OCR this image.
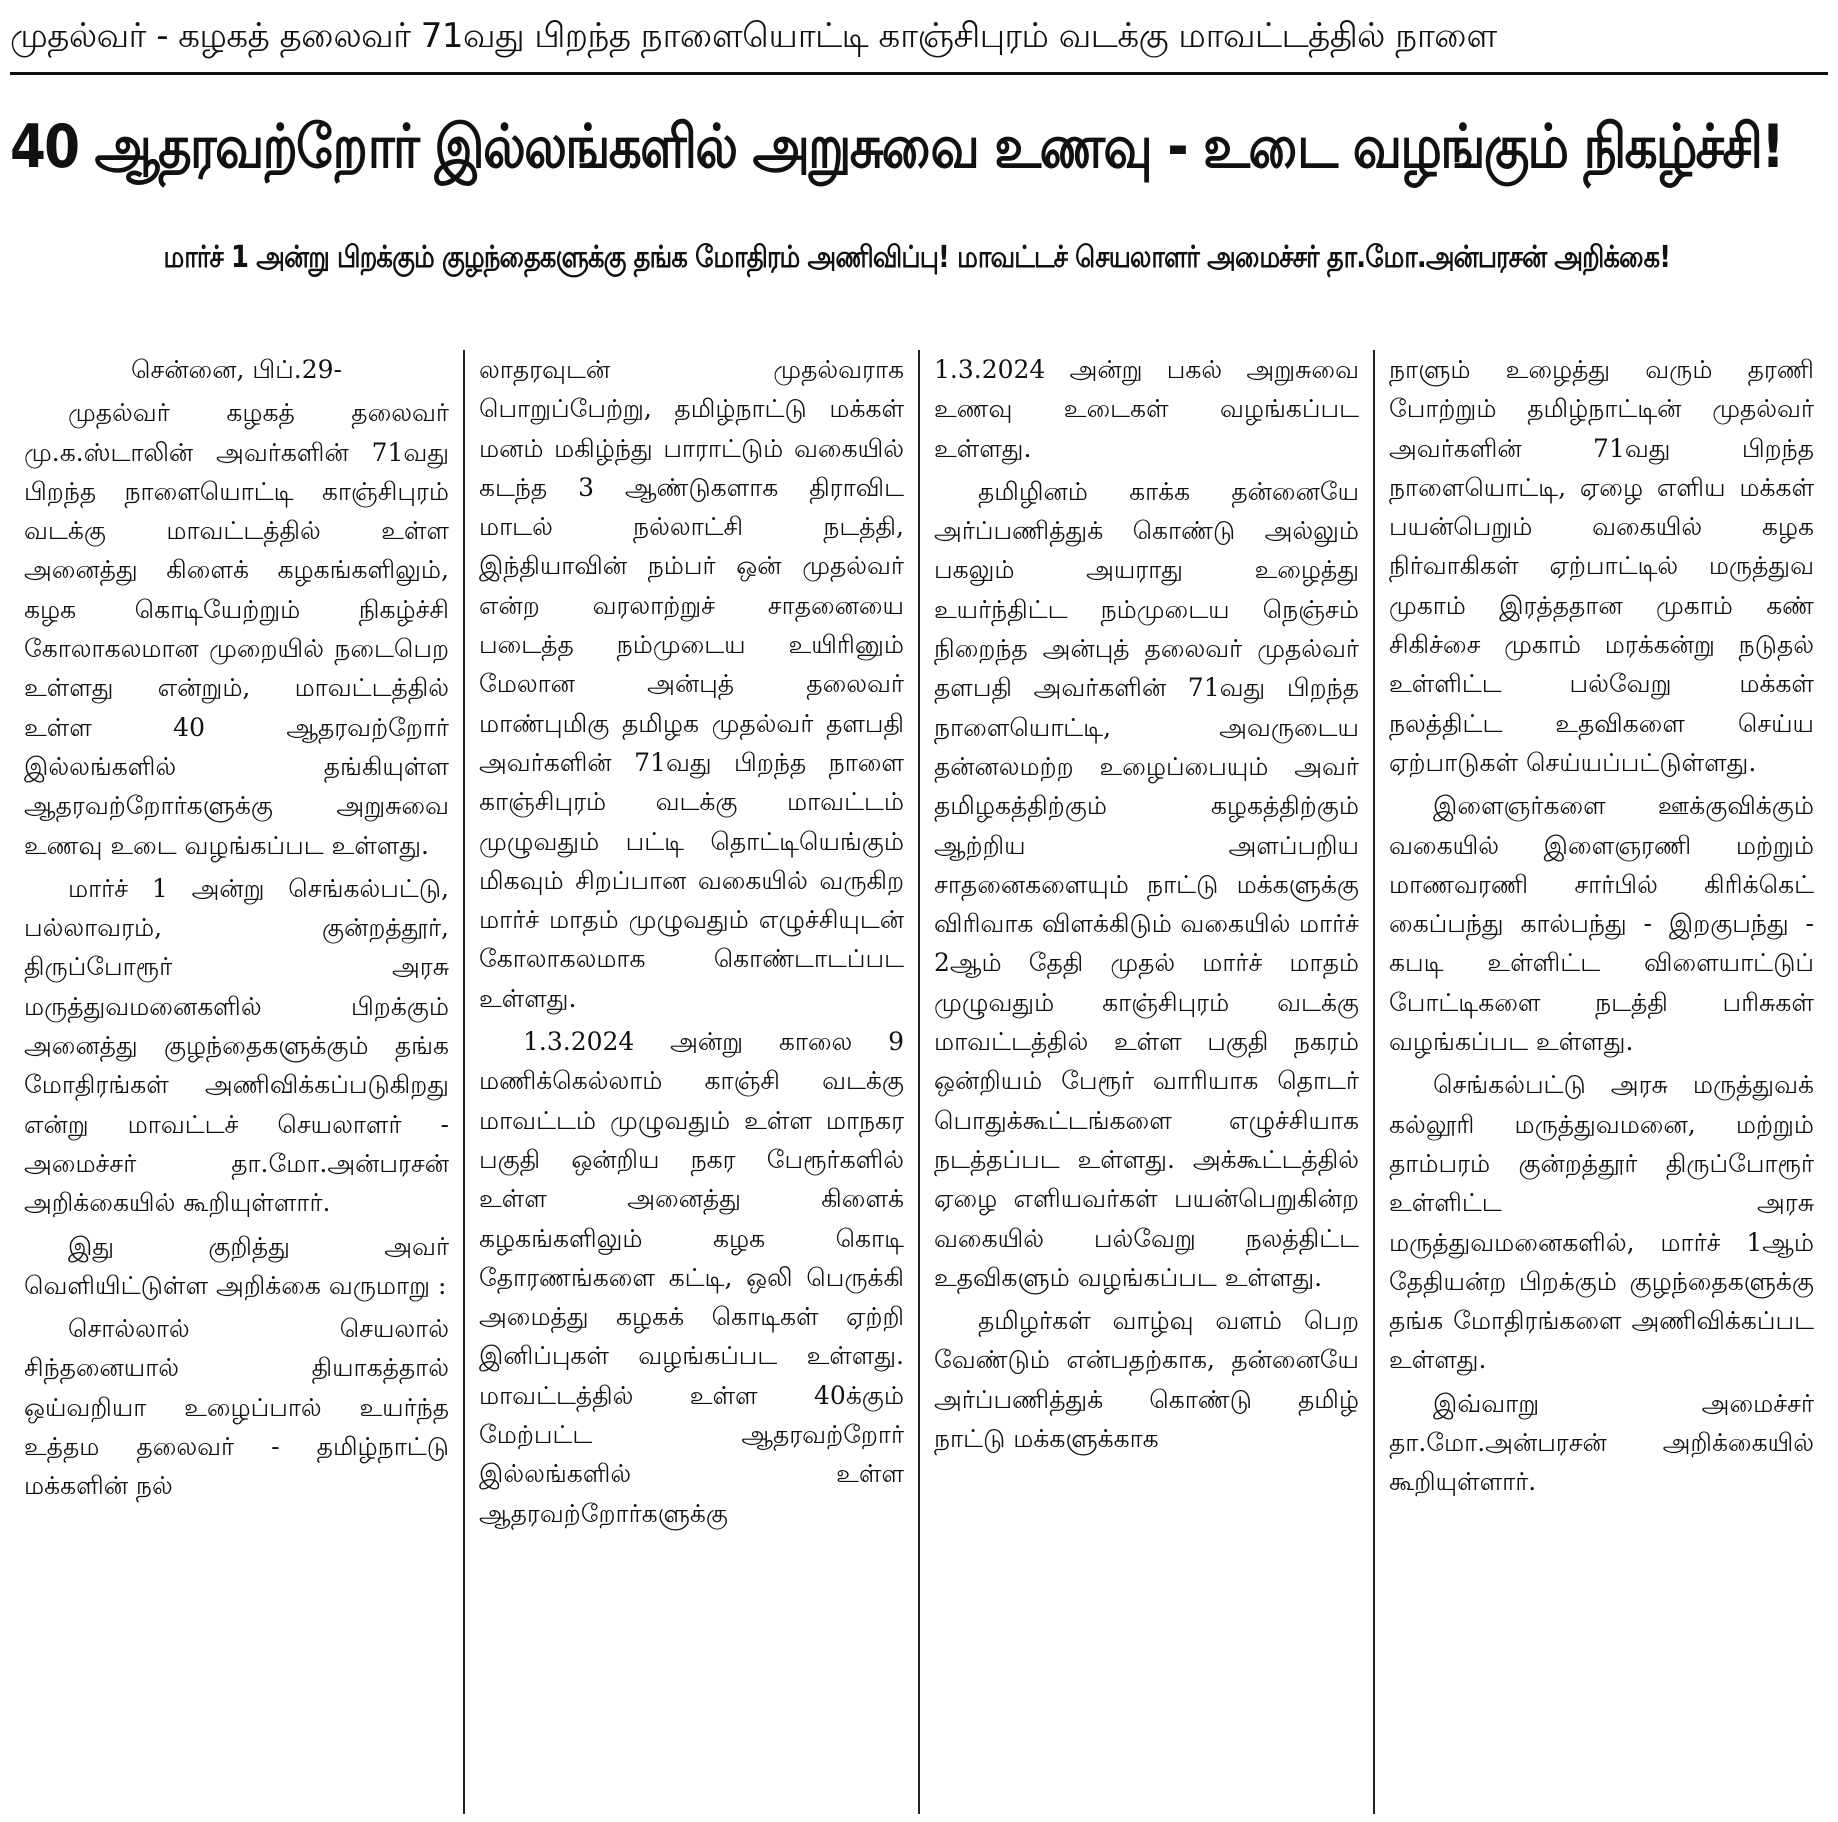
முதல்வர் - கழகத் தலைவர் 71வது பிறந்த நாளையொட்டி காஞ்சிபுரம் வடக்கு மாவட்டத்தில் நாளை
40 ஆதரவற்றோர் இல்லங்களில் அறுசுவை உணவு - உடை வழங்கும் நிகழ்ச்சி!
மார்ச் 1 அன்று பிறக்கும் குழந்தைகளுக்கு தங்க மோதிரம் அணிவிப்பு! மாவட்டச் செயலாளர் அமைச்சர் தா.மோ.அன்பரசன் அறிக்கை!

சென்னை, பிப்.29-

முதல்வர் கழகத் தலைவர் மு.க.ஸ்டாலின் அவர்களின் 71வது பிறந்த நாளையொட்டி காஞ்சிபுரம் வடக்கு மாவட்டத்தில் உள்ள அனைத்து கிளைக் கழகங்களிலும், கழக கொடியேற்றும் நிகழ்ச்சி கோலாகலமான முறையில் நடைபெற உள்ளது என்றும், மாவட்டத்தில் உள்ள 40 ஆதரவற்றோர் இல்லங்களில் தங்கியுள்ள ஆதரவற்றோர்களுக்கு அறுசுவை உணவு உடை வழங்கப்பட உள்ளது.

மார்ச் 1 அன்று செங்கல்பட்டு, பல்லாவரம், குன்றத்தூர், திருப்போரூர் அரசு மருத்துவமனைகளில் பிறக்கும் அனைத்து குழந்தைகளுக்கும் தங்க மோதிரங்கள் அணிவிக்கப்படுகிறது என்று மாவட்டச் செயலாளர் - அமைச்சர் தா.மோ.அன்பரசன் அறிக்கையில் கூறியுள்ளார்.

இது குறித்து அவர் வெளியிட்டுள்ள அறிக்கை வருமாறு :

சொல்லால் செயலால் சிந்தனையால் தியாகத்தால் ஒய்வறியா உழைப்பால் உயர்ந்த உத்தம தலைவர் - தமிழ்நாட்டு மக்களின் நல்

லாதரவுடன் முதல்வராக பொறுப்பேற்று, தமிழ்நாட்டு மக்கள் மனம் மகிழ்ந்து பாராட்டும் வகையில் கடந்த 3 ஆண்டுகளாக திராவிட மாடல் நல்லாட்சி நடத்தி, இந்தியாவின் நம்பர் ஒன் முதல்வர் என்ற வரலாற்றுச் சாதனையை படைத்த நம்முடைய உயிரினும் மேலான அன்புத் தலைவர் மாண்புமிகு தமிழக முதல்வர் தளபதி அவர்களின் 71வது பிறந்த நாளை காஞ்சிபுரம் வடக்கு மாவட்டம் முழுவதும் பட்டி தொட்டியெங்கும் மிகவும் சிறப்பான வகையில் வருகிற மார்ச் மாதம் முழுவதும் எழுச்சியுடன் கோலாகலமாக கொண்டாடப்பட உள்ளது.

1.3.2024 அன்று காலை 9 மணிக்கெல்லாம் காஞ்சி வடக்கு மாவட்டம் முழுவதும் உள்ள மாநகர பகுதி ஒன்றிய நகர பேரூர்களில் உள்ள அனைத்து கிளைக் கழகங்களிலும் கழக கொடி தோரணங்களை கட்டி, ஒலி பெருக்கி அமைத்து கழகக் கொடிகள் ஏற்றி இனிப்புகள் வழங்கப்பட உள்ளது. மாவட்டத்தில் உள்ள 40க்கும் மேற்பட்ட ஆதரவற்றோர் இல்லங்களில் உள்ள ஆதரவற்றோர்களுக்கு

1.3.2024 அன்று பகல் அறுசுவை உணவு உடைகள் வழங்கப்பட உள்ளது.

தமிழினம் காக்க தன்னையே அர்ப்பணித்துக் கொண்டு அல்லும் பகலும் அயராது உழைத்து உயர்ந்திட்ட நம்முடைய நெஞ்சம் நிறைந்த அன்புத் தலைவர் முதல்வர் தளபதி அவர்களின் 71வது பிறந்த நாளையொட்டி, அவருடைய தன்னலமற்ற உழைப்பையும் அவர் தமிழகத்திற்கும் கழகத்திற்கும் ஆற்றிய அளப்பறிய சாதனைகளையும் நாட்டு மக்களுக்கு விரிவாக விளக்கிடும் வகையில் மார்ச் 2ஆம் தேதி முதல் மார்ச் மாதம் முழுவதும் காஞ்சிபுரம் வடக்கு மாவட்டத்தில் உள்ள பகுதி நகரம் ஒன்றியம் பேரூர் வாரியாக தொடர் பொதுக்கூட்டங்களை எழுச்சியாக நடத்தப்பட உள்ளது. அக்கூட்டத்தில் ஏழை எளியவர்கள் பயன்பெறுகின்ற வகையில் பல்வேறு நலத்திட்ட உதவிகளும் வழங்கப்பட உள்ளது.

தமிழர்கள் வாழ்வு வளம் பெற வேண்டும் என்பதற்காக, தன்னையே அர்ப்பணித்துக் கொண்டு தமிழ் நாட்டு மக்களுக்காக

நாளும் உழைத்து வரும் தரணி போற்றும் தமிழ்நாட்டின் முதல்வர் அவர்களின் 71வது பிறந்த நாளையொட்டி, ஏழை எளிய மக்கள் பயன்பெறும் வகையில் கழக நிர்வாகிகள் ஏற்பாட்டில் மருத்துவ முகாம் இரத்ததான முகாம் கண் சிகிச்சை முகாம் மரக்கன்று நடுதல் உள்ளிட்ட பல்வேறு மக்கள் நலத்திட்ட உதவிகளை செய்ய ஏற்பாடுகள் செய்யப்பட்டுள்ளது.

இளைஞர்களை ஊக்குவிக்கும் வகையில் இளைஞரணி மற்றும் மாணவரணி சார்பில் கிரிக்கெட் கைப்பந்து கால்பந்து - இறகுபந்து - கபடி உள்ளிட்ட விளையாட்டுப் போட்டிகளை நடத்தி பரிசுகள் வழங்கப்பட உள்ளது.

செங்கல்பட்டு அரசு மருத்துவக் கல்லூரி மருத்துவமனை, மற்றும் தாம்பரம் குன்றத்தூர் திருப்போரூர் உள்ளிட்ட அரசு மருத்துவமனைகளில், மார்ச் 1ஆம் தேதியன்ற பிறக்கும் குழந்தைகளுக்கு தங்க மோதிரங்களை அணிவிக்கப்பட உள்ளது.

இவ்வாறு அமைச்சர் தா.மோ.அன்பரசன் அறிக்கையில் கூறியுள்ளார்.
